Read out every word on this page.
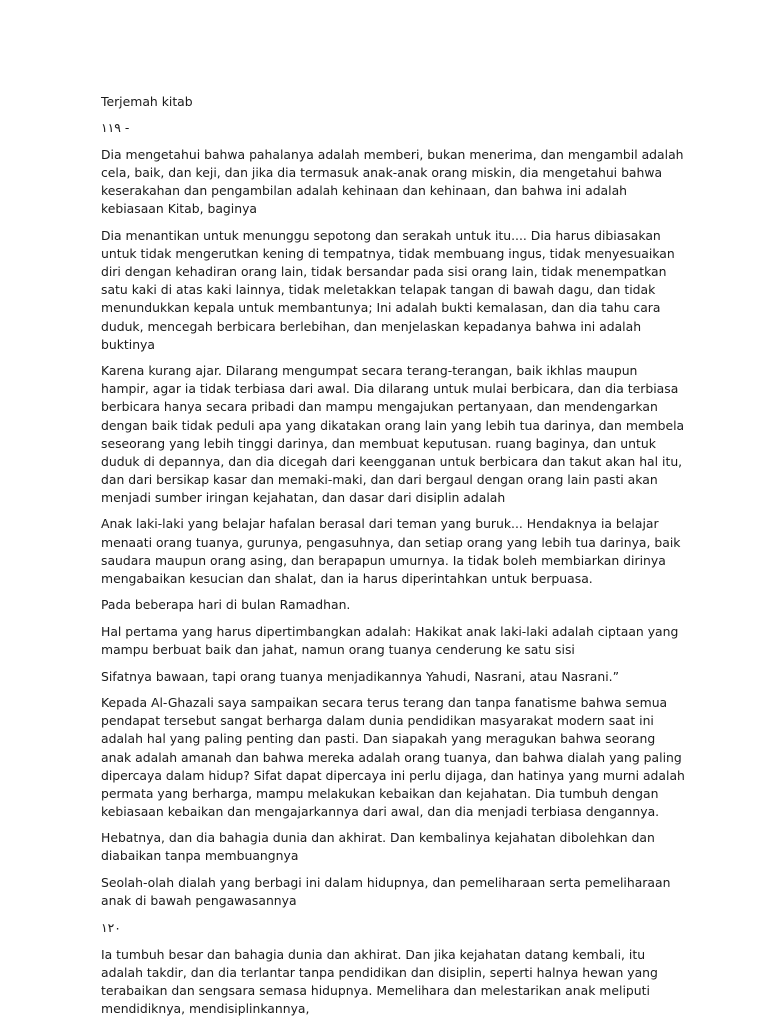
Terjemah kitab

١١٩ -

Dia mengetahui bahwa pahalanya adalah memberi, bukan menerima, dan mengambil adalah cela, baik, dan keji, dan jika dia termasuk anak-anak orang miskin, dia mengetahui bahwa keserakahan dan pengambilan adalah kehinaan dan kehinaan, dan bahwa ini adalah kebiasaan Kitab, baginya

Dia menantikan untuk menunggu sepotong dan serakah untuk itu.... Dia harus dibiasakan untuk tidak mengerutkan kening di tempatnya, tidak membuang ingus, tidak menyesuaikan diri dengan kehadiran orang lain, tidak bersandar pada sisi orang lain, tidak menempatkan satu kaki di atas kaki lainnya, tidak meletakkan telapak tangan di bawah dagu, dan tidak menundukkan kepala untuk membantunya; Ini adalah bukti kemalasan, dan dia tahu cara duduk, mencegah berbicara berlebihan, dan menjelaskan kepadanya bahwa ini adalah buktinya

Karena kurang ajar. Dilarang mengumpat secara terang-terangan, baik ikhlas maupun hampir, agar ia tidak terbiasa dari awal. Dia dilarang untuk mulai berbicara, dan dia terbiasa berbicara hanya secara pribadi dan mampu mengajukan pertanyaan, dan mendengarkan dengan baik tidak peduli apa yang dikatakan orang lain yang lebih tua darinya, dan membela seseorang yang lebih tinggi darinya, dan membuat keputusan. ruang baginya, dan untuk duduk di depannya, dan dia dicegah dari keengganan untuk berbicara dan takut akan hal itu, dan dari bersikap kasar dan memaki-maki, dan dari bergaul dengan orang lain pasti akan menjadi sumber iringan kejahatan, dan dasar dari disiplin adalah

Anak laki-laki yang belajar hafalan berasal dari teman yang buruk... Hendaknya ia belajar menaati orang tuanya, gurunya, pengasuhnya, dan setiap orang yang lebih tua darinya, baik saudara maupun orang asing, dan berapapun umurnya. Ia tidak boleh membiarkan dirinya mengabaikan kesucian dan shalat, dan ia harus diperintahkan untuk berpuasa.

Pada beberapa hari di bulan Ramadhan.

Hal pertama yang harus dipertimbangkan adalah: Hakikat anak laki-laki adalah ciptaan yang mampu berbuat baik dan jahat, namun orang tuanya cenderung ke satu sisi

Sifatnya bawaan, tapi orang tuanya menjadikannya Yahudi, Nasrani, atau Nasrani.”

Kepada Al-Ghazali saya sampaikan secara terus terang dan tanpa fanatisme bahwa semua pendapat tersebut sangat berharga dalam dunia pendidikan masyarakat modern saat ini adalah hal yang paling penting dan pasti. Dan siapakah yang meragukan bahwa seorang anak adalah amanah dan bahwa mereka adalah orang tuanya, dan bahwa dialah yang paling dipercaya dalam hidup? Sifat dapat dipercaya ini perlu dijaga, dan hatinya yang murni adalah permata yang berharga, mampu melakukan kebaikan dan kejahatan. Dia tumbuh dengan kebiasaan kebaikan dan mengajarkannya dari awal, dan dia menjadi terbiasa dengannya.

Hebatnya, dan dia bahagia dunia dan akhirat. Dan kembalinya kejahatan dibolehkan dan diabaikan tanpa membuangnya

Seolah-olah dialah yang berbagi ini dalam hidupnya, dan pemeliharaan serta pemeliharaan anak di bawah pengawasannya

١٢٠

Ia tumbuh besar dan bahagia dunia dan akhirat. Dan jika kejahatan datang kembali, itu adalah takdir, dan dia terlantar tanpa pendidikan dan disiplin, seperti halnya hewan yang terabaikan dan sengsara semasa hidupnya. Memelihara dan melestarikan anak meliputi mendidiknya, mendisiplinkannya,
